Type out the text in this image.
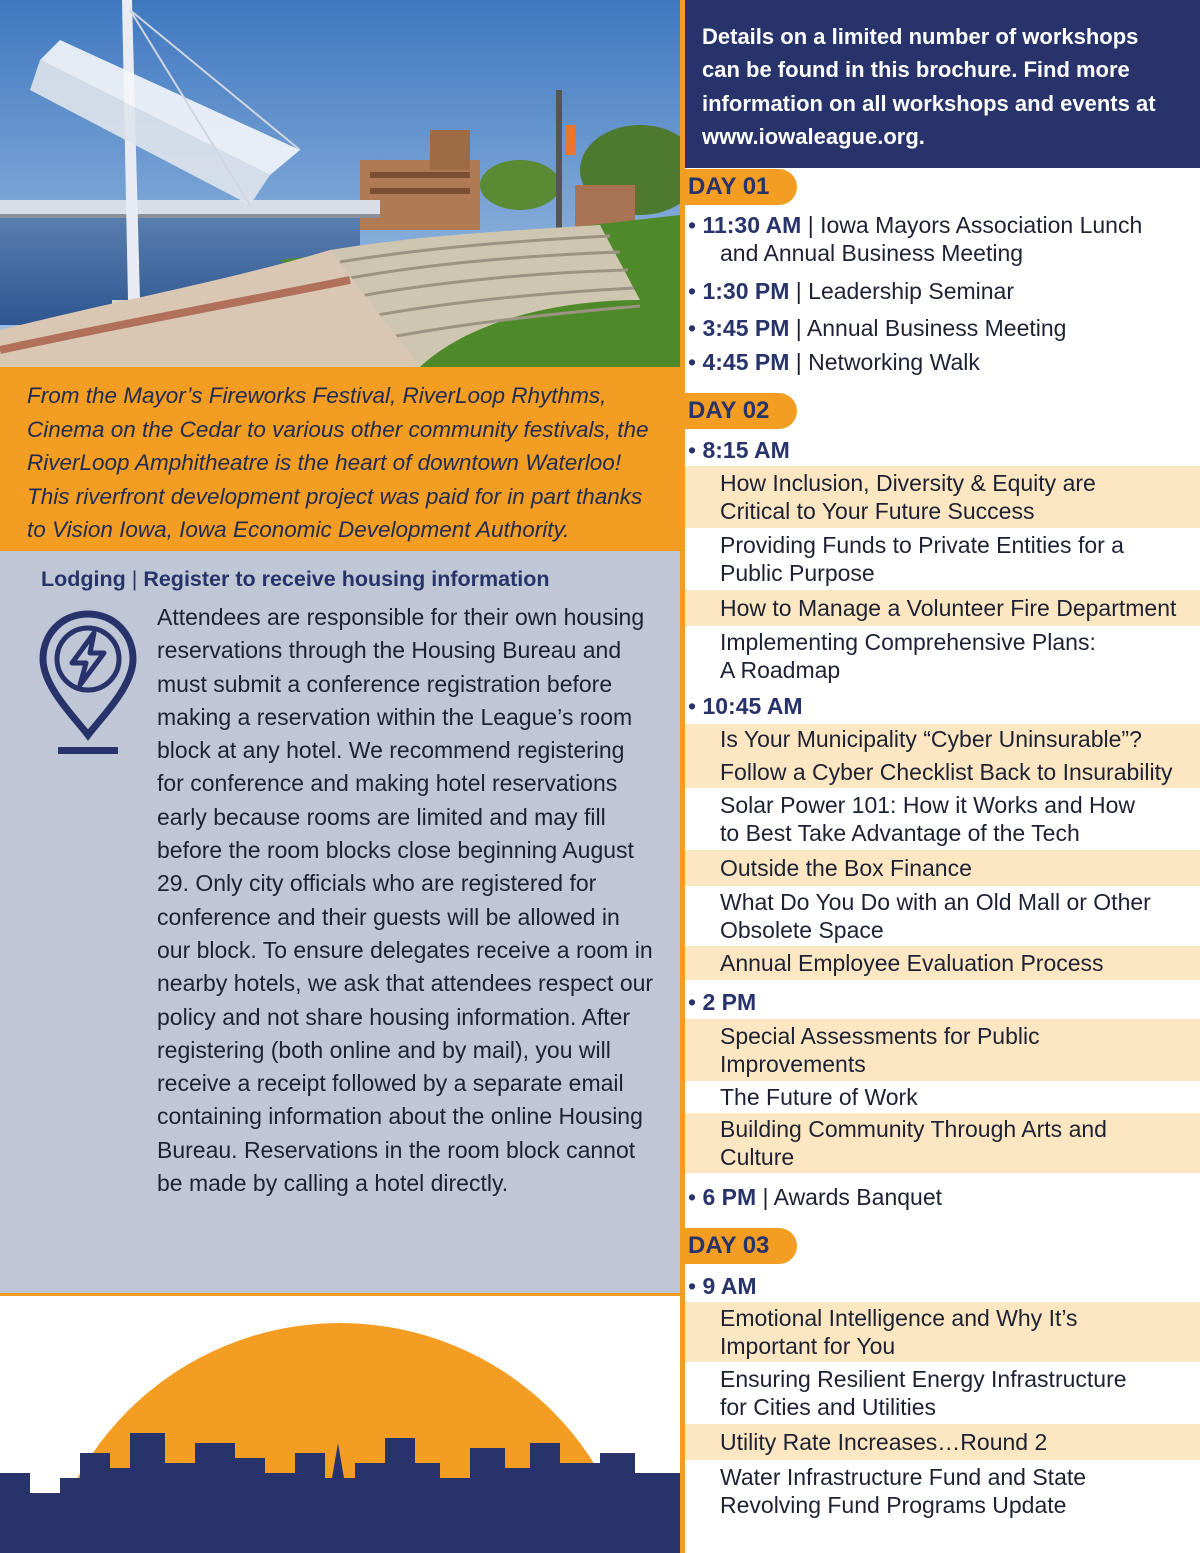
From the Mayor’s Fireworks Festival, RiverLoop Rhythms, Cinema on the Cedar to various other community festivals, the RiverLoop Amphitheatre is the heart of downtown Waterloo! This riverfront development project was paid for in part thanks to Vision Iowa, Iowa Economic Development Authority.

Lodging | Register to receive housing information

Attendees are responsible for their own housing reservations through the Housing Bureau and must submit a conference registration before making a reservation within the League’s room block at any hotel. We recommend registering for conference and making hotel reservations early because rooms are limited and may fill before the room blocks close beginning August 29. Only city officials who are registered for conference and their guests will be allowed in our block. To ensure delegates receive a room in nearby hotels, we ask that attendees respect our policy and not share housing information. After registering (both online and by mail), you will receive a receipt followed by a separate email containing information about the online Housing Bureau. Reservations in the room block cannot be made by calling a hotel directly.

Details on a limited number of workshops can be found in this brochure. Find more information on all workshops and events at www.iowaleague.org.

DAY 01
• 11:30 AM | Iowa Mayors Association Lunch
and Annual Business Meeting
• 1:30 PM | Leadership Seminar
• 3:45 PM | Annual Business Meeting
• 4:45 PM | Networking Walk
DAY 02
• 8:15 AM
How Inclusion, Diversity & Equity are
Critical to Your Future Success
Providing Funds to Private Entities for a
Public Purpose
How to Manage a Volunteer Fire Department
Implementing Comprehensive Plans:
A Roadmap
• 10:45 AM
Is Your Municipality “Cyber Uninsurable”?
Follow a Cyber Checklist Back to Insurability
Solar Power 101: How it Works and How
to Best Take Advantage of the Tech
Outside the Box Finance
What Do You Do with an Old Mall or Other
Obsolete Space
Annual Employee Evaluation Process
• 2 PM
Special Assessments for Public
Improvements
The Future of Work
Building Community Through Arts and
Culture
• 6 PM | Awards Banquet
DAY 03
• 9 AM
Emotional Intelligence and Why It’s
Important for You
Ensuring Resilient Energy Infrastructure
for Cities and Utilities
Utility Rate Increases…Round 2
Water Infrastructure Fund and State
Revolving Fund Programs Update
